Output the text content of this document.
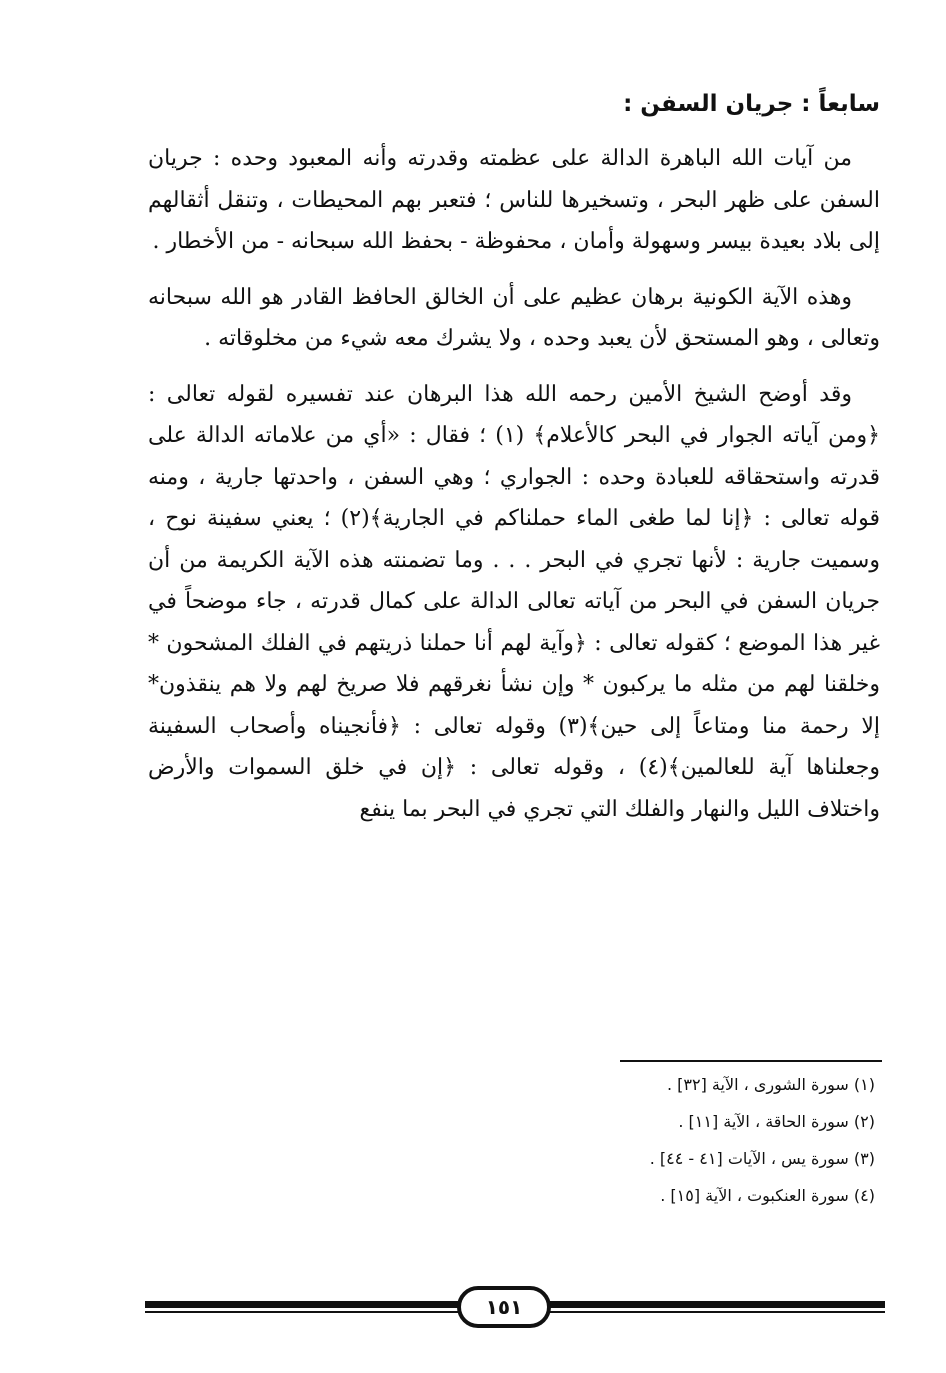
سابعاً : جريان السفن :

من آيات الله الباهرة الدالة على عظمته وقدرته وأنه المعبود وحده : جريان السفن على ظهر البحر ، وتسخيرها للناس ؛ فتعبر بهم المحيطات ، وتنقل أثقالهم إلى بلاد بعيدة بيسر وسهولة وأمان ، محفوظة - بحفظ الله سبحانه - من الأخطار .

وهذه الآية الكونية برهان عظيم على أن الخالق الحافظ القادر هو الله سبحانه وتعالى ، وهو المستحق لأن يعبد وحده ، ولا يشرك معه شيء من مخلوقاته .

وقد أوضح الشيخ الأمين رحمه الله هذا البرهان عند تفسيره لقوله تعالى : ﴿ومن آياته الجوار في البحر كالأعلام﴾ (١) ؛ فقال : «أي من علاماته الدالة على قدرته واستحقاقه للعبادة وحده : الجواري ؛ وهي السفن ، واحدتها جارية ، ومنه قوله تعالى : ﴿إنا لما طغى الماء حملناكم في الجارية﴾(٢) ؛ يعني سفينة نوح ، وسميت جارية : لأنها تجري في البحر . . . وما تضمنته هذه الآية الكريمة من أن جريان السفن في البحر من آياته تعالى الدالة على كمال قدرته ، جاء موضحاً في غير هذا الموضع ؛ كقوله تعالى : ﴿وآية لهم أنا حملنا ذريتهم في الفلك المشحون * وخلقنا لهم من مثله ما يركبون * وإن نشأ نغرقهم فلا صريخ لهم ولا هم ينقذون* إلا رحمة منا ومتاعاً إلى حين﴾(٣) وقوله تعالى : ﴿فأنجيناه وأصحاب السفينة وجعلناها آية للعالمين﴾(٤) ، وقوله تعالى : ﴿إن في خلق السموات والأرض واختلاف الليل والنهار والفلك التي تجري في البحر بما ينفع

(١) سورة الشورى ، الآية [٣٢] .
(٢) سورة الحاقة ، الآية [١١] .
(٣) سورة يس ، الآيات [٤١ - ٤٤] .
(٤) سورة العنكبوت ، الآية [١٥] .
١٥١
